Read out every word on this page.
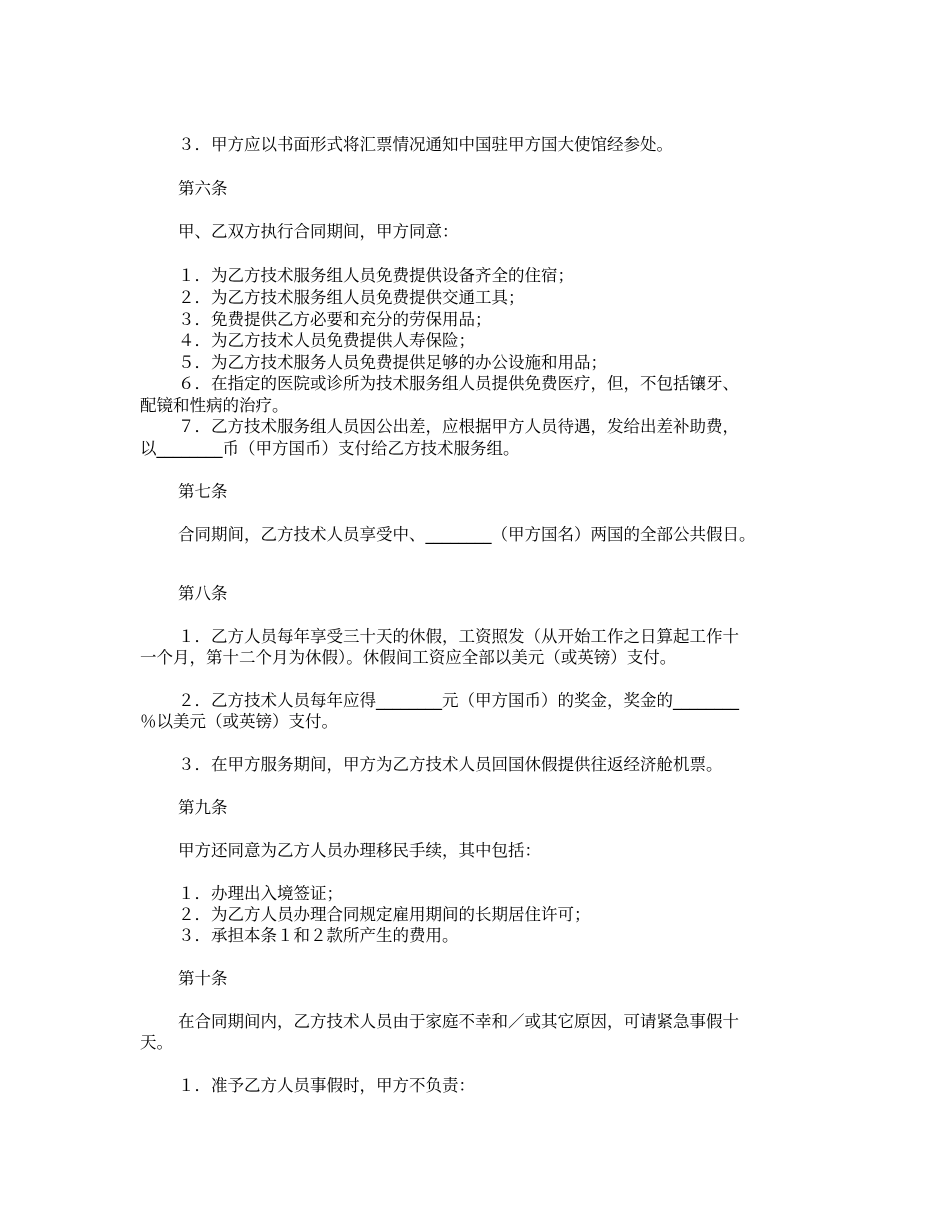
３．甲方应以书面形式将汇票情况通知中国驻甲方国大使馆经参处。
第六条
甲、乙双方执行合同期间，甲方同意：
１．为乙方技术服务组人员免费提供设备齐全的住宿；
２．为乙方技术服务组人员免费提供交通工具；
３．免费提供乙方必要和充分的劳保用品；
４．为乙方技术人员免费提供人寿保险；
５．为乙方技术服务人员免费提供足够的办公设施和用品；
６．在指定的医院或诊所为技术服务组人员提供免费医疗，但，不包括镶牙、
配镜和性病的治疗。
７．乙方技术服务组人员因公出差，应根据甲方人员待遇，发给出差补助费，
以________币（甲方国币）支付给乙方技术服务组。
第七条
合同期间，乙方技术人员享受中、________（甲方国名）两国的全部公共假日。
第八条
１．乙方人员每年享受三十天的休假，工资照发（从开始工作之日算起工作十
一个月，第十二个月为休假）。休假间工资应全部以美元（或英镑）支付。
２．乙方技术人员每年应得________元（甲方国币）的奖金，奖金的________
％以美元（或英镑）支付。
３．在甲方服务期间，甲方为乙方技术人员回国休假提供往返经济舱机票。
第九条
甲方还同意为乙方人员办理移民手续，其中包括：
１．办理出入境签证；
２．为乙方人员办理合同规定雇用期间的长期居住许可；
３．承担本条１和２款所产生的费用。
第十条
在合同期间内，乙方技术人员由于家庭不幸和／或其它原因，可请紧急事假十
天。
１．准予乙方人员事假时，甲方不负责：
